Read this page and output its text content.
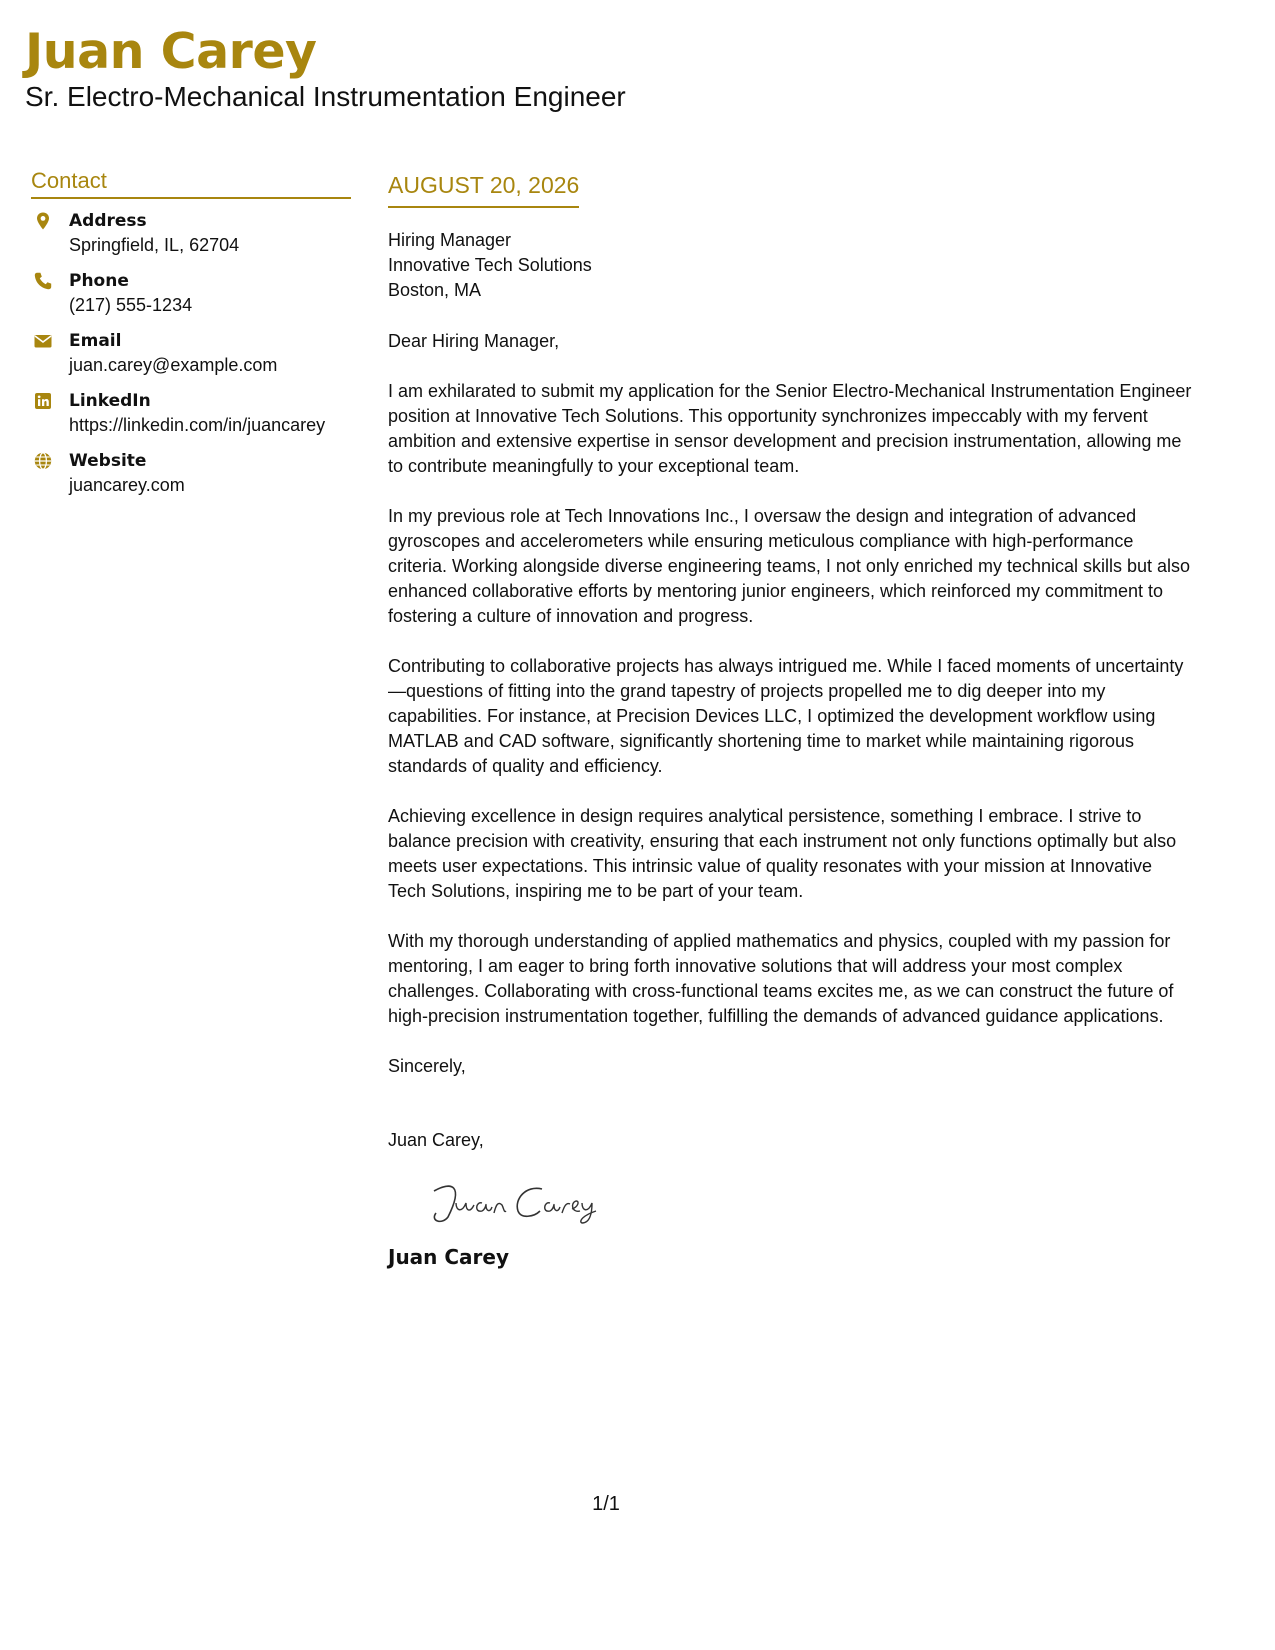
Juan Carey
Sr. Electro-Mechanical Instrumentation Engineer
Contact
Address
Springfield, IL, 62704
Phone
(217) 555-1234
Email
juan.carey@example.com
LinkedIn
https://linkedin.com/in/juancarey
Website
juancarey.com
AUGUST 20, 2026
Hiring Manager
Innovative Tech Solutions
Boston, MA

Dear Hiring Manager,

I am exhilarated to submit my application for the Senior Electro-Mechanical Instrumentation Engineer position at Innovative Tech Solutions. This opportunity synchronizes impeccably with my fervent ambition and extensive expertise in sensor development and precision instrumentation, allowing me to contribute meaningfully to your exceptional team.

In my previous role at Tech Innovations Inc., I oversaw the design and integration of advanced gyroscopes and accelerometers while ensuring meticulous compliance with high-performance criteria. Working alongside diverse engineering teams, I not only enriched my technical skills but also enhanced collaborative efforts by mentoring junior engineers, which reinforced my commitment to fostering a culture of innovation and progress.

Contributing to collaborative projects has always intrigued me. While I faced moments of uncertainty—questions of fitting into the grand tapestry of projects propelled me to dig deeper into my capabilities. For instance, at Precision Devices LLC, I optimized the development workflow using MATLAB and CAD software, significantly shortening time to market while maintaining rigorous standards of quality and efficiency.

Achieving excellence in design requires analytical persistence, something I embrace. I strive to balance precision with creativity, ensuring that each instrument not only functions optimally but also meets user expectations. This intrinsic value of quality resonates with your mission at Innovative Tech Solutions, inspiring me to be part of your team.

With my thorough understanding of applied mathematics and physics, coupled with my passion for mentoring, I am eager to bring forth innovative solutions that will address your most complex challenges. Collaborating with cross-functional teams excites me, as we can construct the future of high-precision instrumentation together, fulfilling the demands of advanced guidance applications.

Sincerely,

Juan Carey,

Juan Carey
1/1
